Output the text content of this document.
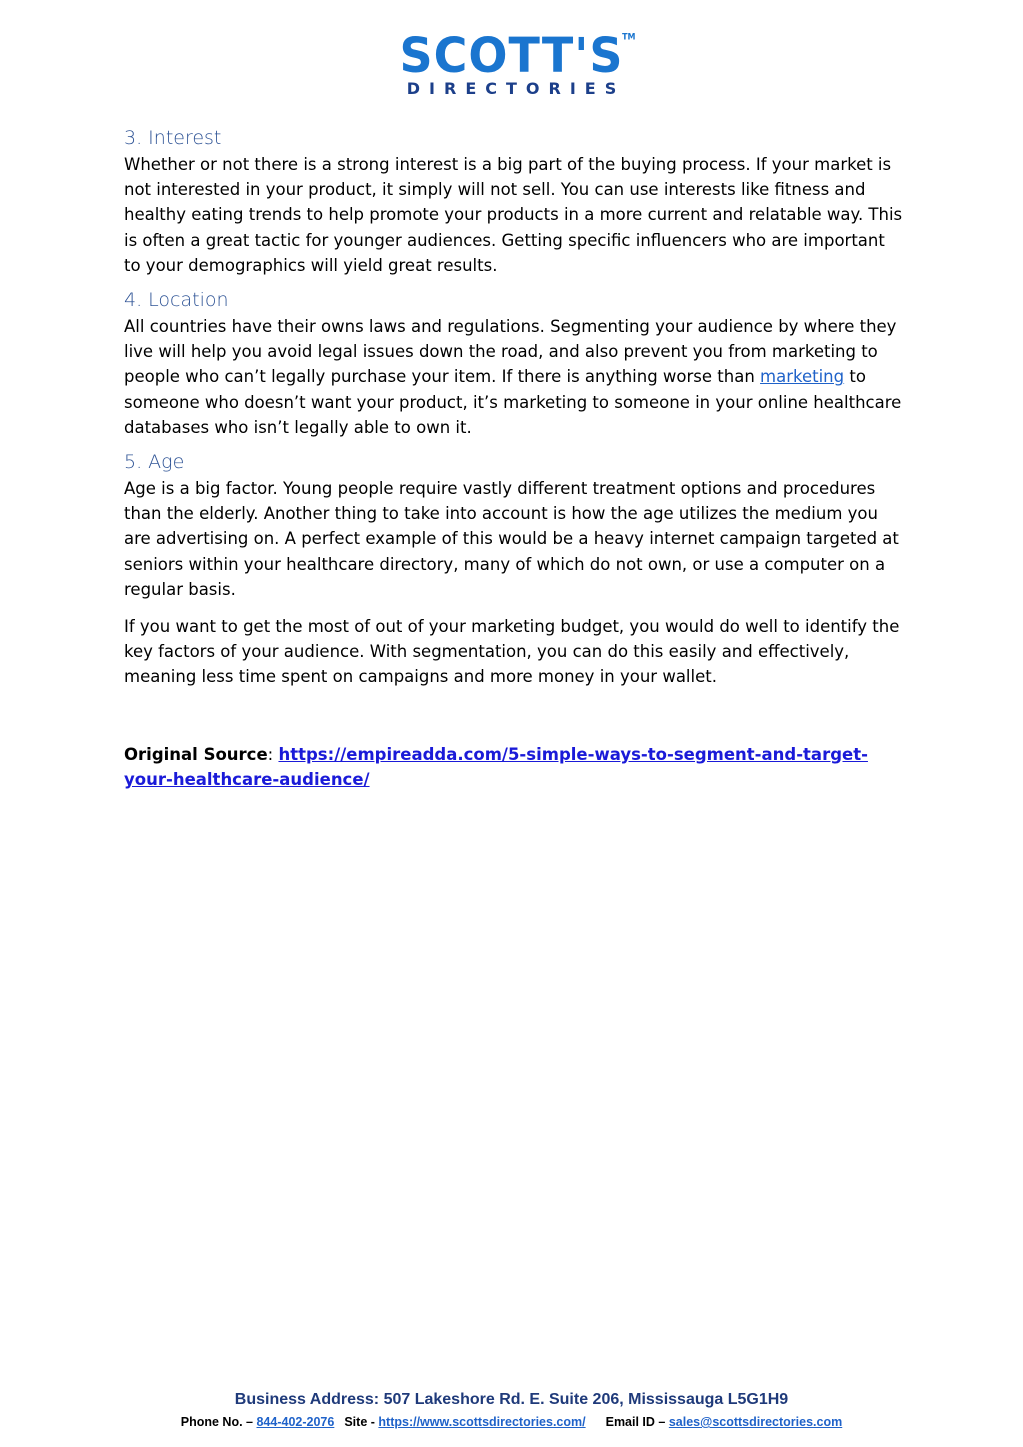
SCOTT'S
TM
DIRECTORIES
3. Interest

Whether or not there is a strong interest is a big part of the buying process. If your market is not interested in your product, it simply will not sell. You can use interests like fitness and healthy eating trends to help promote your products in a more current and relatable way. This is often a great tactic for younger audiences. Getting specific influencers who are important to your demographics will yield great results.

4. Location

All countries have their owns laws and regulations. Segmenting your audience by where they live will help you avoid legal issues down the road, and also prevent you from marketing to people who can’t legally purchase your item. If there is anything worse than marketing to someone who doesn’t want your product, it’s marketing to someone in your online healthcare databases who isn’t legally able to own it.

5. Age

Age is a big factor. Young people require vastly different treatment options and procedures than the elderly. Another thing to take into account is how the age utilizes the medium you are advertising on. A perfect example of this would be a heavy internet campaign targeted at seniors within your healthcare directory, many of which do not own, or use a computer on a regular basis.

If you want to get the most of out of your marketing budget, you would do well to identify the key factors of your audience. With segmentation, you can do this easily and effectively, meaning less time spent on campaigns and more money in your wallet.

Original Source: https://empireadda.com/5-simple-ways-to-segment-and-target-your-healthcare-audience/
Business Address: 507 Lakeshore Rd. E. Suite 206, Mississauga L5G1H9
Phone No. – 844-402-2076 Site - https://www.scottsdirectories.com/ Email ID – sales@scottsdirectories.com
